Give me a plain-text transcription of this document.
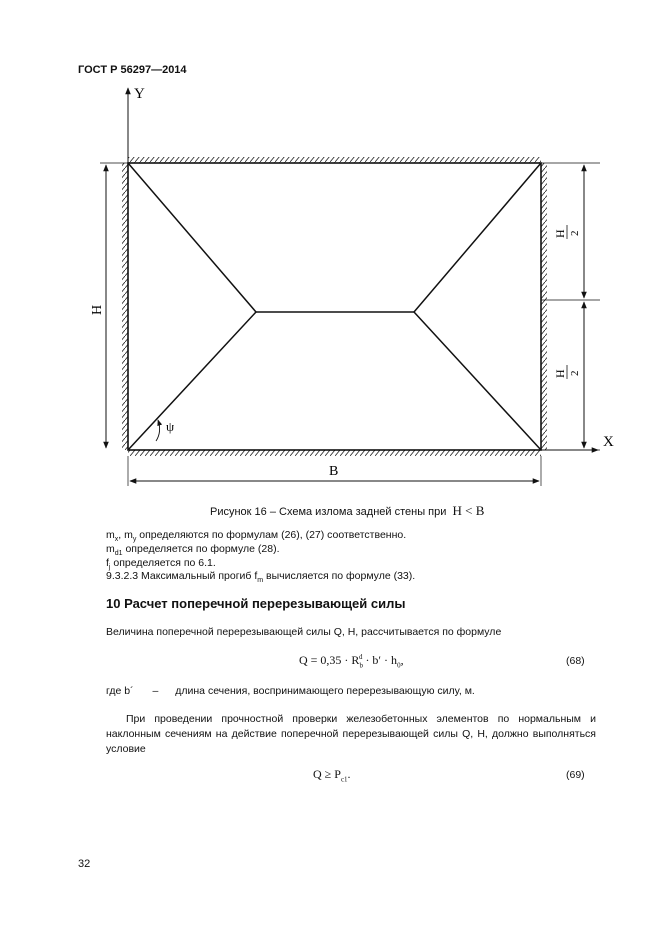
ГОСТ Р 56297—2014
Y
X
H
H 2
H 2
B
ψ
Рисунок 16 – Схема излома задней стены при H < B
$m_x$, $m_y$ определяются по формулам (26), (27) соответственно.
$m_{d1}$ определяется по формуле (28).
$f_j$ определяется по 6.1.
9.3.2.3 Максимальный прогиб $f_m$ вычисляется по формуле (33).
10 Расчет поперечной перерезывающей силы
Величина поперечной перерезывающей силы Q, Н, рассчитывается по формуле
$Q = 0,35 \cdot R_b^d \cdot b' \cdot h_0$,	(68)
где b´ – длина сечения, воспринимающего перерезывающую силу, м.
При проведении прочностной проверки железобетонных элементов по нормальным и наклонным сечениям на действие поперечной перерезывающей силы Q, Н, должно выполняться условие
$Q \ge P_{c1}$.	(69)
32
